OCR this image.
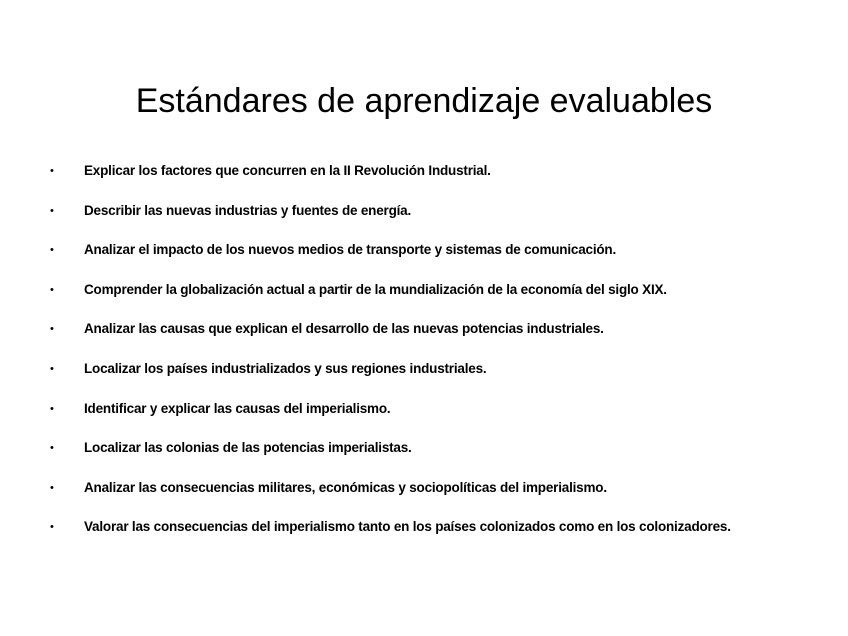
Estándares de aprendizaje evaluables
•	Explicar los factores que concurren en la II Revolución Industrial.
•	Describir las nuevas industrias y fuentes de energía.
•	Analizar el impacto de los nuevos medios de transporte y sistemas de comunicación.
•	Comprender la globalización actual a partir de la mundialización de la economía del siglo XIX.
•	Analizar las causas que explican el desarrollo de las nuevas potencias industriales.
•	Localizar los países industrializados y sus regiones industriales.
•	Identificar y explicar las causas del imperialismo.
•	Localizar las colonias de las potencias imperialistas.
•	Analizar las consecuencias militares, económicas y sociopolíticas del imperialismo.
•	Valorar las consecuencias del imperialismo tanto en los países colonizados como en los colonizadores.
